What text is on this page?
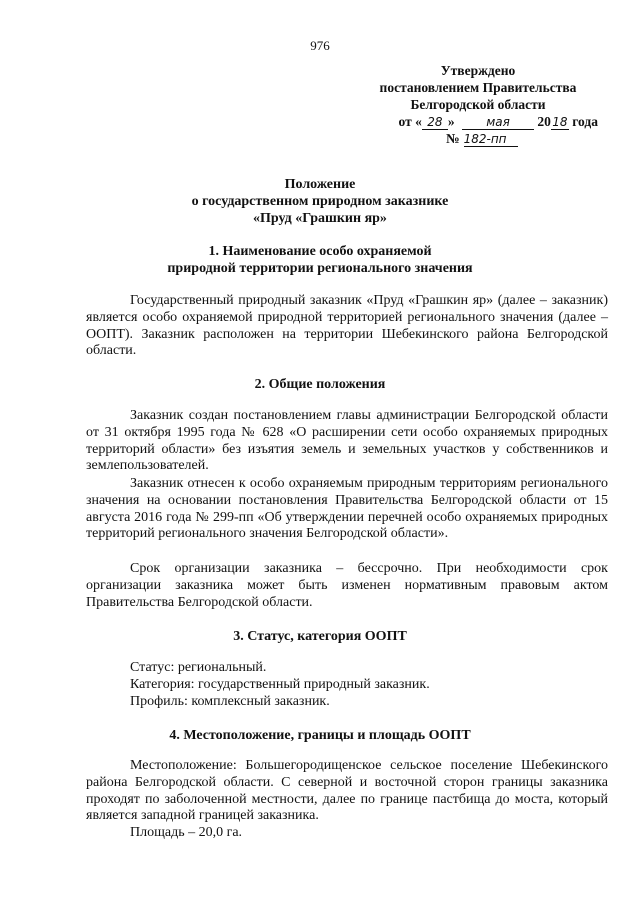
976
Утверждено
постановлением Правительства
Белгородской области
от « 28 »	мая 2018 года
№ 182-пп
Положение
о государственном природном заказнике
«Пруд «Грашкин яр»
1. Наименование особо охраняемой
природной территории регионального значения
Государственный природный заказник «Пруд «Грашкин яр» (далее – заказник) является особо охраняемой природной территорией регионального значения (далее – ООПТ). Заказник расположен на территории Шебекинского района Белгородской области.
2. Общие положения
Заказник создан постановлением главы администрации Белгородской области от 31 октября 1995 года № 628 «О расширении сети особо охраняемых природных территорий области» без изъятия земель и земельных участков у собственников и землепользователей.
Заказник отнесен к особо охраняемым природным территориям регионального значения на основании постановления Правительства Белгородской области от 15 августа 2016 года № 299-пп «Об утверждении перечней особо охраняемых природных территорий регионального значения Белгородской области».
Срок организации заказника – бессрочно. При необходимости срок организации заказника может быть изменен нормативным правовым актом Правительства Белгородской области.
3. Статус, категория ООПТ
Статус: региональный.
Категория: государственный природный заказник.
Профиль: комплексный заказник.
4. Местоположение, границы и площадь ООПТ
Местоположение: Большегородищенское сельское поселение Шебекинского района Белгородской области. С северной и восточной сторон границы заказника проходят по заболоченной местности, далее по границе пастбища до моста, который является западной границей заказника.
Площадь – 20,0 га.
